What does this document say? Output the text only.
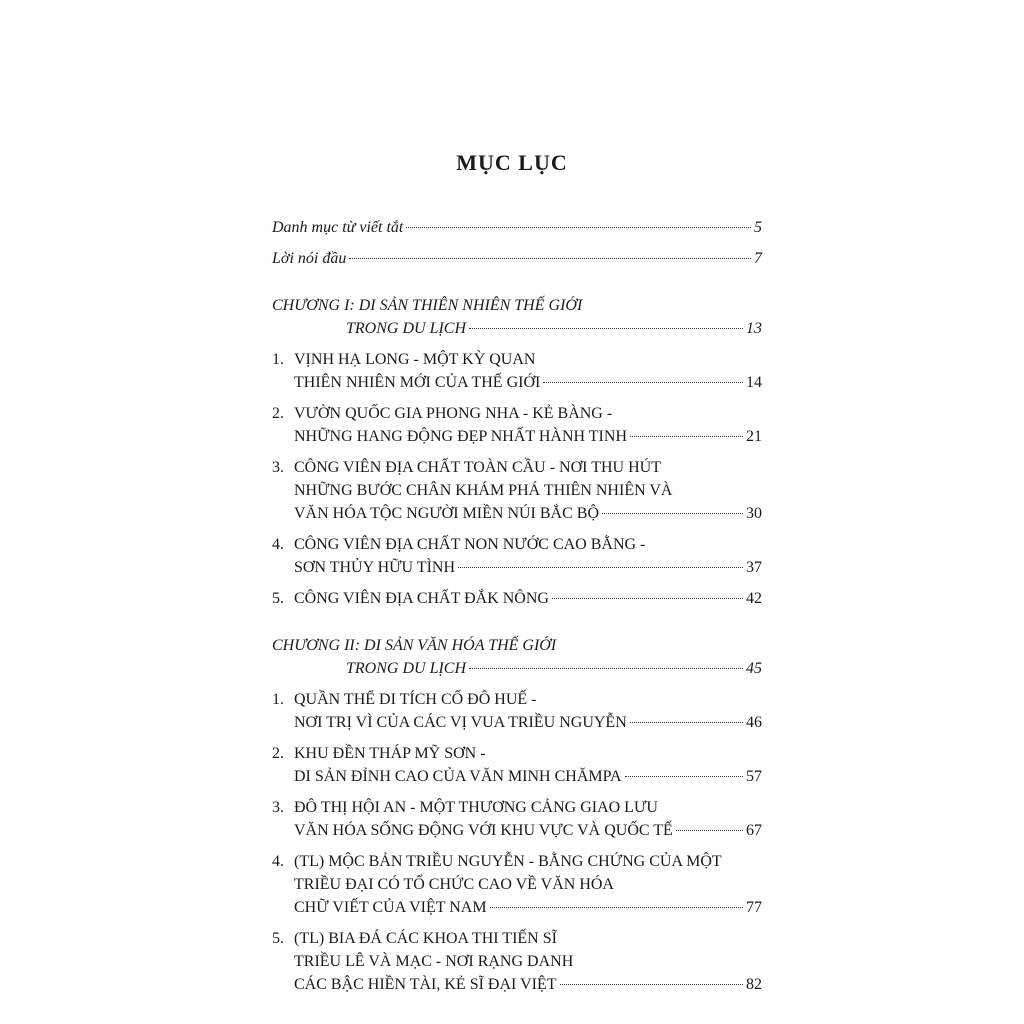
MỤC LỤC
Danh mục từ viết tắt	5
Lời nói đầu	7
CHƯƠNG I: DI SẢN THIÊN NHIÊN THẾ GIỚI
TRONG DU LỊCH	13
1. VỊNH HẠ LONG - MỘT KỲ QUAN
THIÊN NHIÊN MỚI CỦA THẾ GIỚI	14
2. VƯỜN QUỐC GIA PHONG NHA - KẺ BÀNG -
NHỮNG HANG ĐỘNG ĐẸP NHẤT HÀNH TINH	21
3. CÔNG VIÊN ĐỊA CHẤT TOÀN CẦU - NƠI THU HÚT
NHỮNG BƯỚC CHÂN KHÁM PHÁ THIÊN NHIÊN VÀ
VĂN HÓA TỘC NGƯỜI MIỀN NÚI BẮC BỘ	30
4. CÔNG VIÊN ĐỊA CHẤT NON NƯỚC CAO BẰNG -
SƠN THỦY HỮU TÌNH	37
5. CÔNG VIÊN ĐỊA CHẤT ĐẮK NÔNG	42
CHƯƠNG II: DI SẢN VĂN HÓA THẾ GIỚI
TRONG DU LỊCH	45
1. QUẦN THỂ DI TÍCH CỐ ĐÔ HUẾ -
NƠI TRỊ VÌ CỦA CÁC VỊ VUA TRIỀU NGUYỄN	46
2. KHU ĐỀN THÁP MỸ SƠN -
DI SẢN ĐỈNH CAO CỦA VĂN MINH CHĂMPA	57
3. ĐÔ THỊ HỘI AN - MỘT THƯƠNG CẢNG GIAO LƯU
VĂN HÓA SỐNG ĐỘNG VỚI KHU VỰC VÀ QUỐC TẾ	67
4. (TL) MỘC BẢN TRIỀU NGUYỄN - BẰNG CHỨNG CỦA MỘT
TRIỀU ĐẠI CÓ TỔ CHỨC CAO VỀ VĂN HÓA
CHỮ VIẾT CỦA VIỆT NAM	77
5. (TL) BIA ĐÁ CÁC KHOA THI TIẾN SĨ
TRIỀU LÊ VÀ MẠC - NƠI RẠNG DANH
CÁC BẬC HIỀN TÀI, KẺ SĨ ĐẠI VIỆT	82
